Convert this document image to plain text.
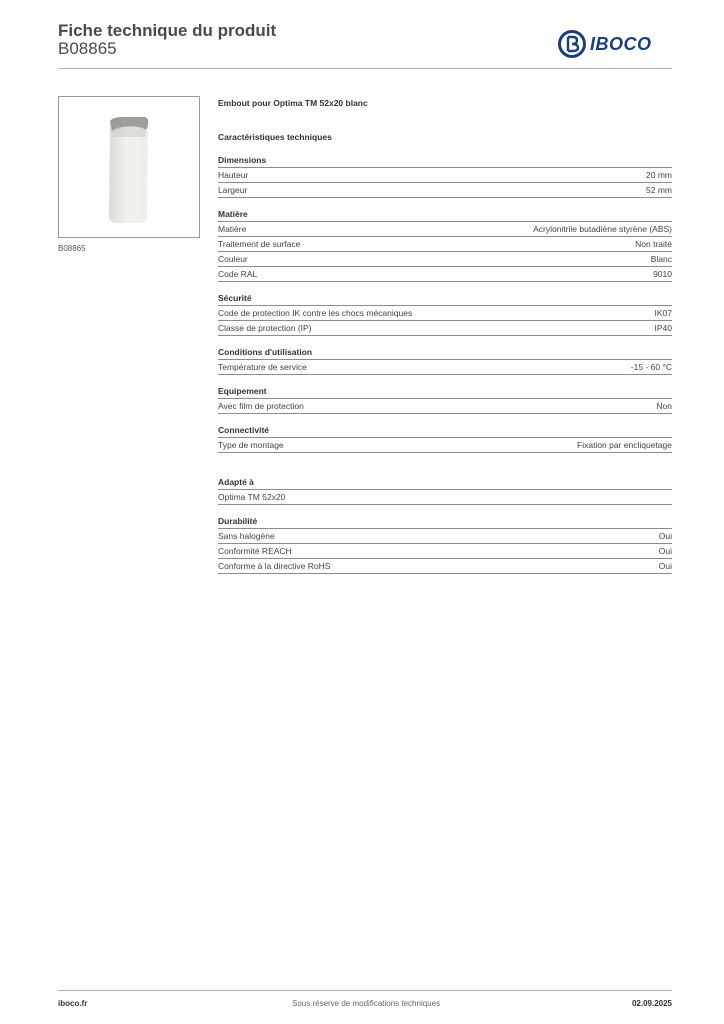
Fiche technique du produit
B08865	IBOCO
B08865
Embout pour Optima TM 52x20 blanc
Caractéristiques techniques
Dimensions
Hauteur	20 mm
Largeur	52 mm
Matière
Matière	Acrylonitrile butadiène styrène (ABS)
Traitement de surface	Non traité
Couleur	Blanc
Code RAL	9010
Sécurité
Code de protection IK contre les chocs mécaniques	IK07
Classe de protection (IP)	IP40
Conditions d'utilisation
Température de service	-15 - 60 °C
Equipement
Avec film de protection	Non
Connectivité
Type de montage	Fixation par encliquetage
Adapté à
Optima TM 52x20
Durabilité
Sans halogène	Oui
Conformité REACH	Oui
Conforme à la directive RoHS	Oui
iboco.fr	Sous réserve de modifications techniques	02.09.2025
